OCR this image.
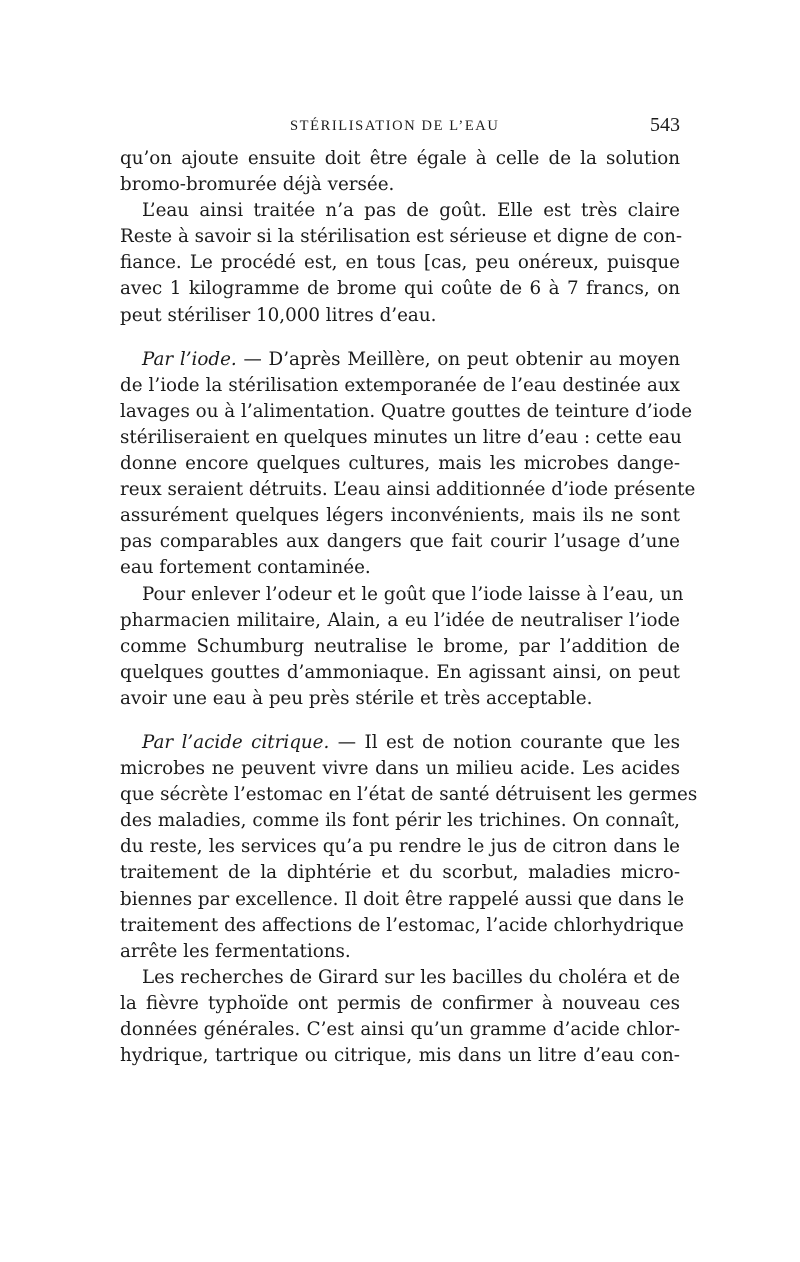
STÉRILISATION DE L’EAU	543

qu’on ajoute ensuite doit être égale à celle de la solution
bromo-bromurée déjà versée.

L’eau ainsi traitée n’a pas de goût. Elle est très claire
Reste à savoir si la stérilisation est sérieuse et digne de con-
fiance. Le procédé est, en tous [cas, peu onéreux, puisque
avec 1 kilogramme de brome qui coûte de 6 à 7 francs, on
peut stériliser 10,000 litres d’eau.

Par l’iode. — D’après Meillère, on peut obtenir au moyen
de l’iode la stérilisation extemporanée de l’eau destinée aux
lavages ou à l’alimentation. Quatre gouttes de teinture d’iode
stériliseraient en quelques minutes un litre d’eau : cette eau
donne encore quelques cultures, mais les microbes dange-
reux seraient détruits. L’eau ainsi additionnée d’iode présente
assurément quelques légers inconvénients, mais ils ne sont
pas comparables aux dangers que fait courir l’usage d’une
eau fortement contaminée.

Pour enlever l’odeur et le goût que l’iode laisse à l’eau, un
pharmacien militaire, Alain, a eu l’idée de neutraliser l’iode
comme Schumburg neutralise le brome, par l’addition de
quelques gouttes d’ammoniaque. En agissant ainsi, on peut
avoir une eau à peu près stérile et très acceptable.

Par l’acide citrique. — Il est de notion courante que les
microbes ne peuvent vivre dans un milieu acide. Les acides
que sécrète l’estomac en l’état de santé détruisent les germes
des maladies, comme ils font périr les trichines. On connaît,
du reste, les services qu’a pu rendre le jus de citron dans le
traitement de la diphtérie et du scorbut, maladies micro-
biennes par excellence. Il doit être rappelé aussi que dans le
traitement des affections de l’estomac, l’acide chlorhydrique
arrête les fermentations.

Les recherches de Girard sur les bacilles du choléra et de
la fièvre typhoïde ont permis de confirmer à nouveau ces
données générales. C’est ainsi qu’un gramme d’acide chlor-
hydrique, tartrique ou citrique, mis dans un litre d’eau con-
